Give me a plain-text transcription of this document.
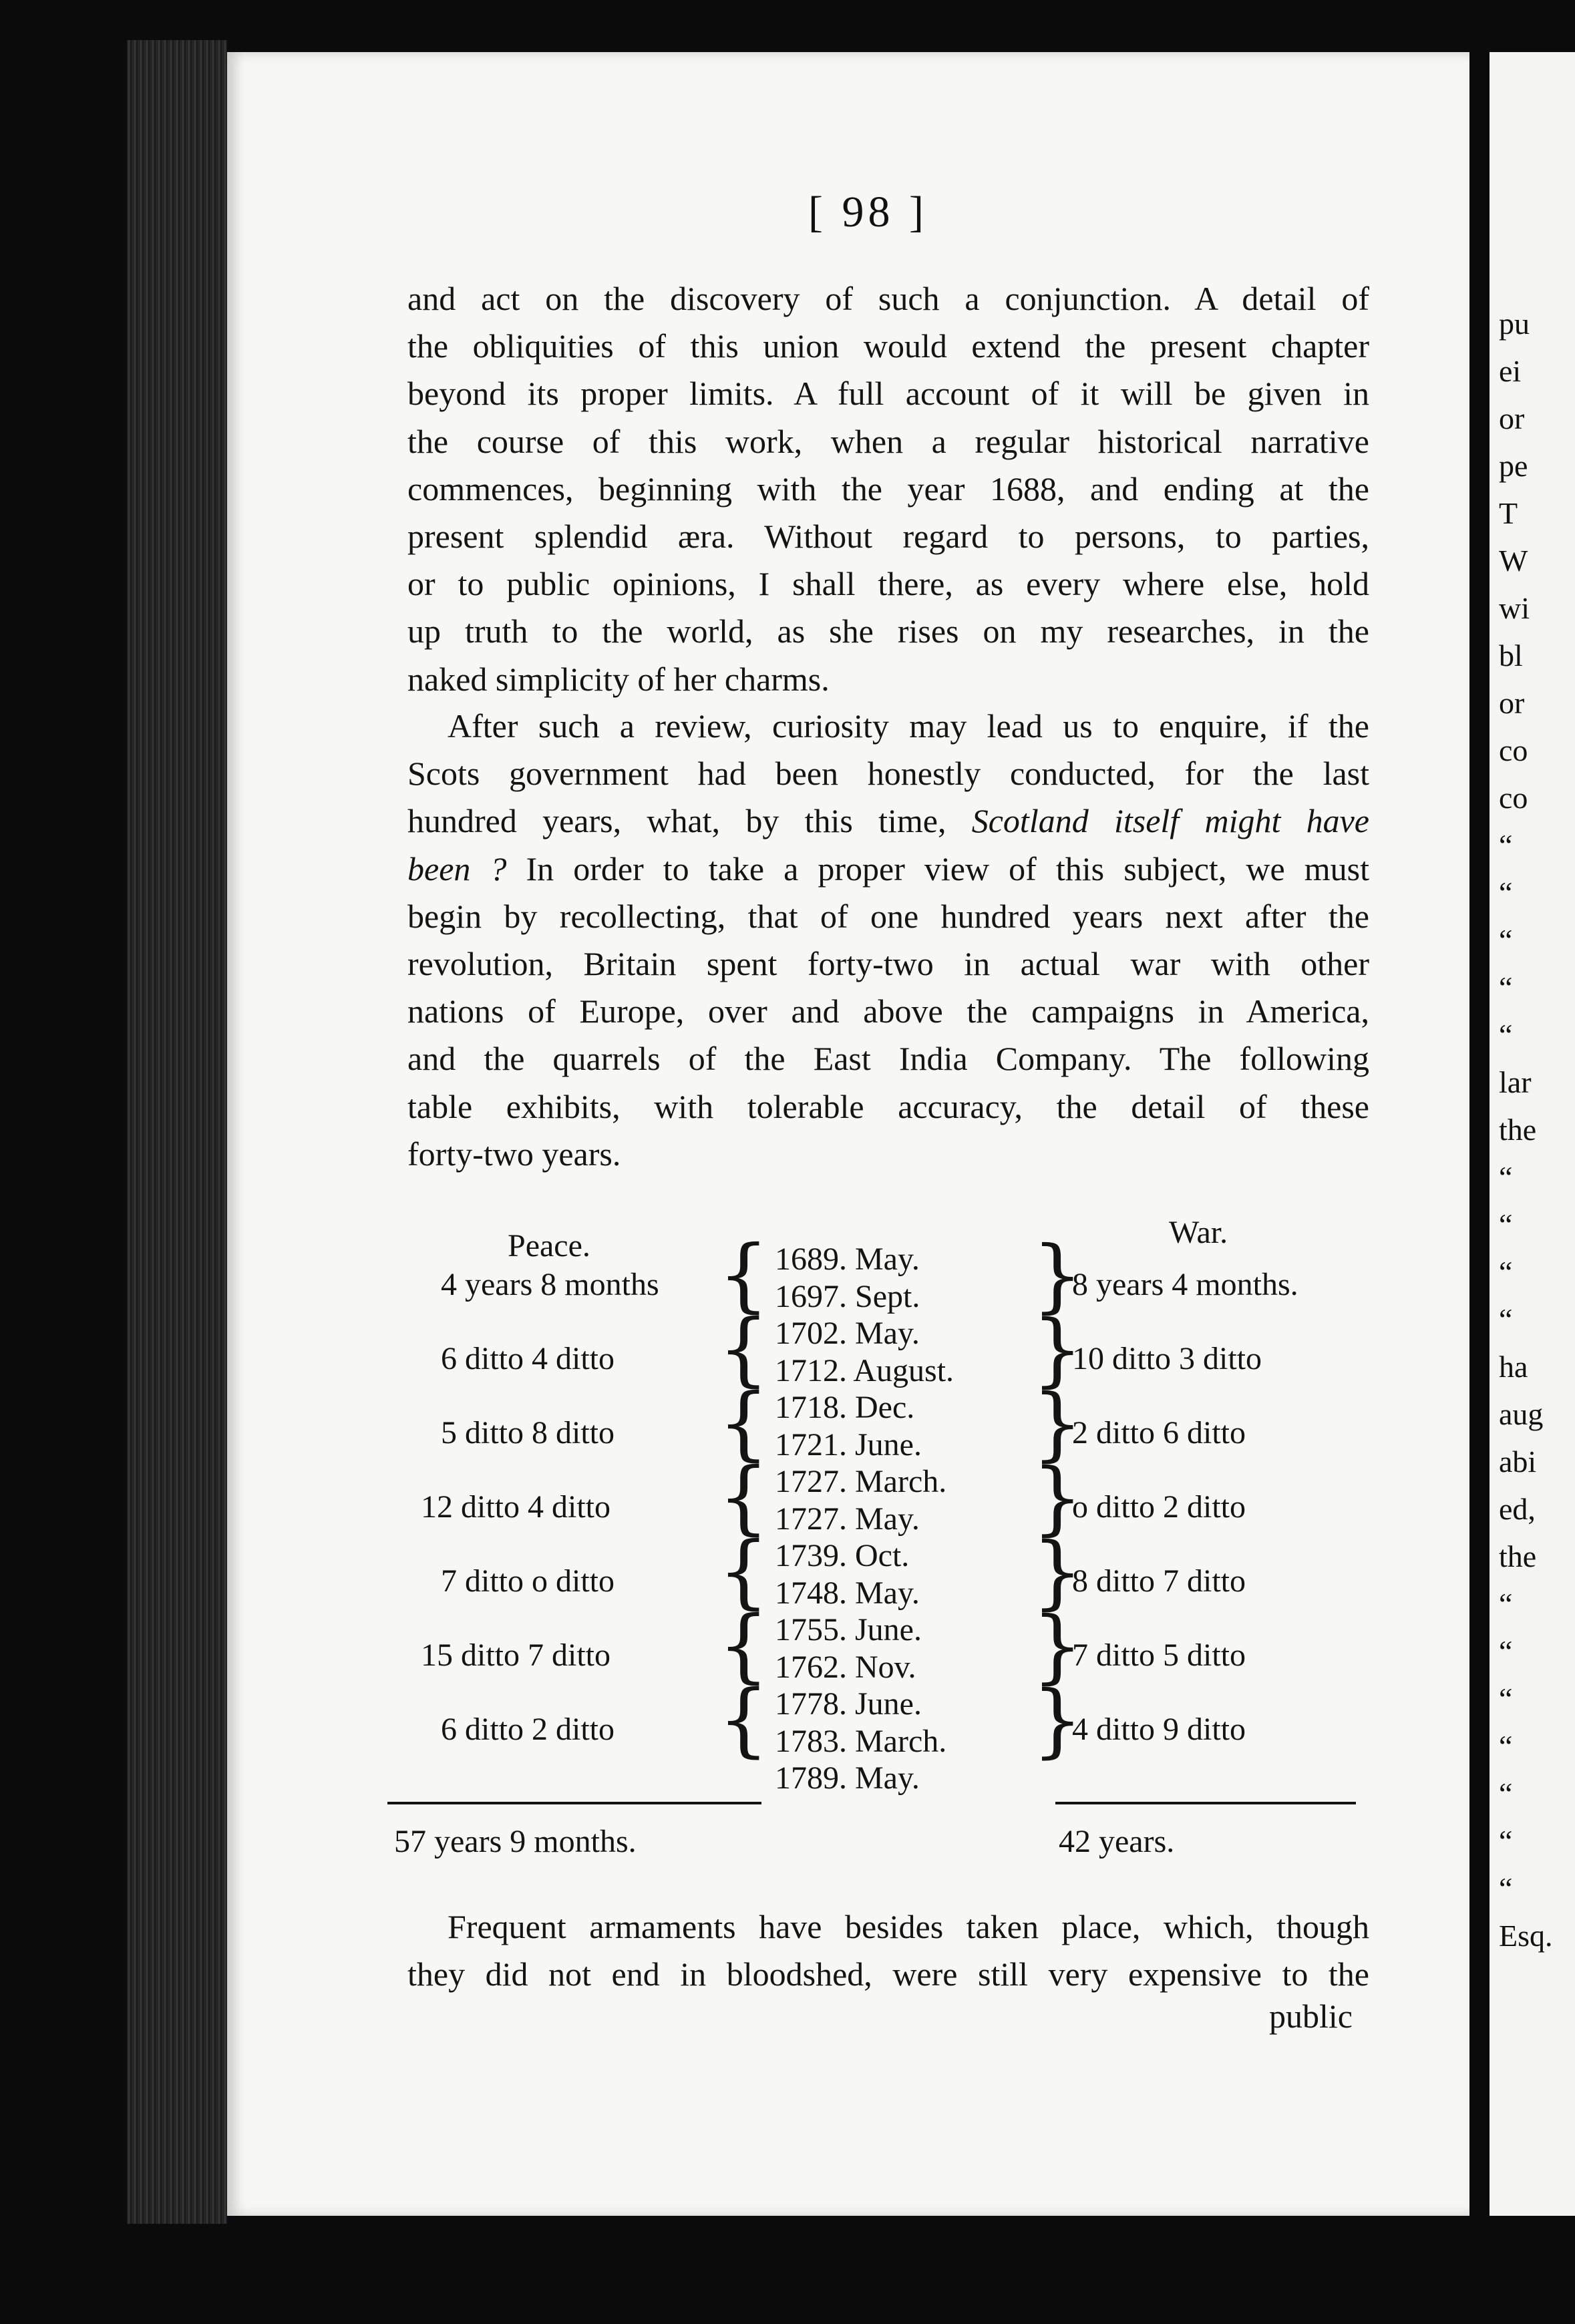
pu
ei
or
pe
T
W
wi
bl
or
co
co
“
“
“
“
“
lar
the
“
“
“
“
ha
aug
abi
ed,
the
“
“
“
“
“
“
“
Esq.
[ 98 ]
and act on the discovery of such a conjunction. A detail of
the obliquities of this union would extend the present chapter
beyond its proper limits. A full account of it will be given in
the course of this work, when a regular historical narrative
commences, beginning with the year 1688, and ending at the
present splendid æra. Without regard to persons, to parties,
or to public opinions, I shall there, as every where else, hold
up truth to the world, as she rises on my researches, in the
naked simplicity of her charms.
After such a review, curiosity may lead us to enquire, if the
Scots government had been honestly conducted, for the last
hundred years, what, by this time, Scotland itself might have
been ? In order to take a proper view of this subject, we must
begin by recollecting, that of one hundred years next after the
revolution, Britain spent forty-two in actual war with other
nations of Europe, over and above the campaigns in America,
and the quarrels of the East India Company. The following
table exhibits, with tolerable accuracy, the detail of these
forty-two years.
Peace.	War.
57 years 9 months.	42 years.
1689. May.
1697. Sept.
1702. May.
1712. August.
1718. Dec.
1721. June.
1727. March.
1727. May.
1739. Oct.
1748. May.
1755. June.
1762. Nov.
1778. June.
1783. March.
1789. May.
4 years 8 months {
6 ditto 4 ditto {
5 ditto 8 ditto {
12 ditto 4 ditto {
7 ditto o ditto {
15 ditto 7 ditto {
6 ditto 2 ditto {
8 years 4 months.
}
10 ditto 3 ditto
}
2 ditto 6 ditto
}
o ditto 2 ditto
}
8 ditto 7 ditto
}
7 ditto 5 ditto
}
4 ditto 9 ditto
}
Frequent armaments have besides taken place, which, though
they did not end in bloodshed, were still very expensive to the
public
